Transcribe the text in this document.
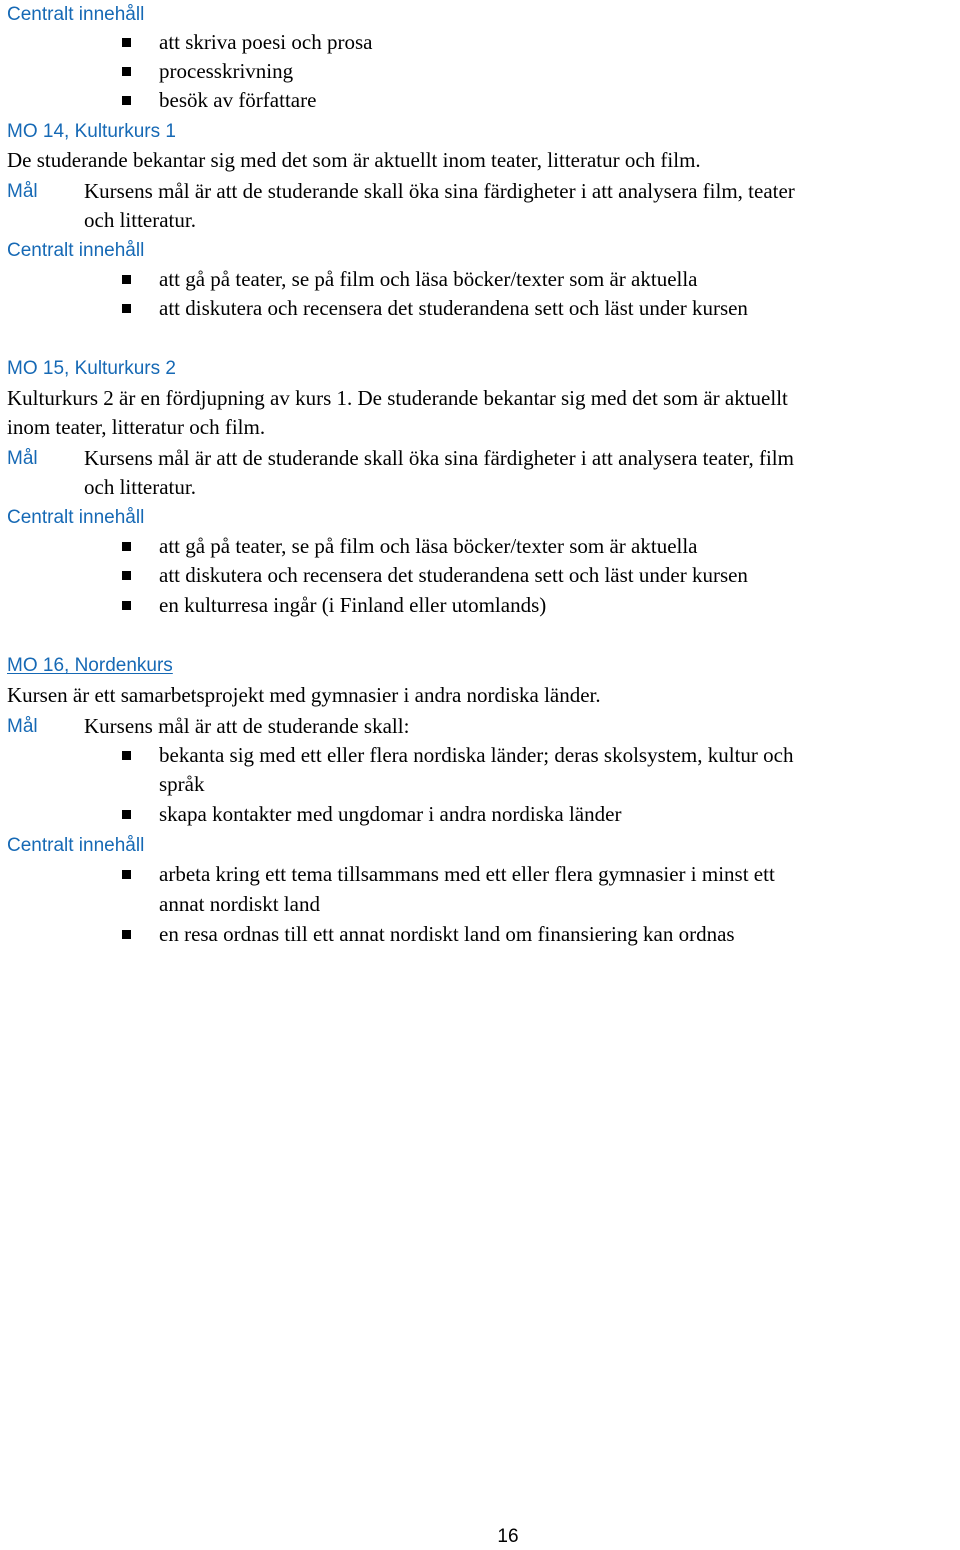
Centralt innehåll
att skriva poesi och prosa
processkrivning
besök av författare
MO 14, Kulturkurs 1
De studerande bekantar sig med det som är aktuellt inom teater, litteratur och film.
Mål Kursens mål är att de studerande skall öka sina färdigheter i att analysera film, teater
och litteratur.
Centralt innehåll
att gå på teater, se på film och läsa böcker/texter som är aktuella
att diskutera och recensera det studerandena sett och läst under kursen
MO 15, Kulturkurs 2
Kulturkurs 2 är en fördjupning av kurs 1. De studerande bekantar sig med det som är aktuellt
inom teater, litteratur och film.
Mål Kursens mål är att de studerande skall öka sina färdigheter i att analysera teater, film
och litteratur.
Centralt innehåll
att gå på teater, se på film och läsa böcker/texter som är aktuella
att diskutera och recensera det studerandena sett och läst under kursen
en kulturresa ingår (i Finland eller utomlands)
MO 16, Nordenkurs
Kursen är ett samarbetsprojekt med gymnasier i andra nordiska länder.
Mål Kursens mål är att de studerande skall:
bekanta sig med ett eller flera nordiska länder; deras skolsystem, kultur och
språk
skapa kontakter med ungdomar i andra nordiska länder
Centralt innehåll
arbeta kring ett tema tillsammans med ett eller flera gymnasier i minst ett
annat nordiskt land
en resa ordnas till ett annat nordiskt land om finansiering kan ordnas
16
